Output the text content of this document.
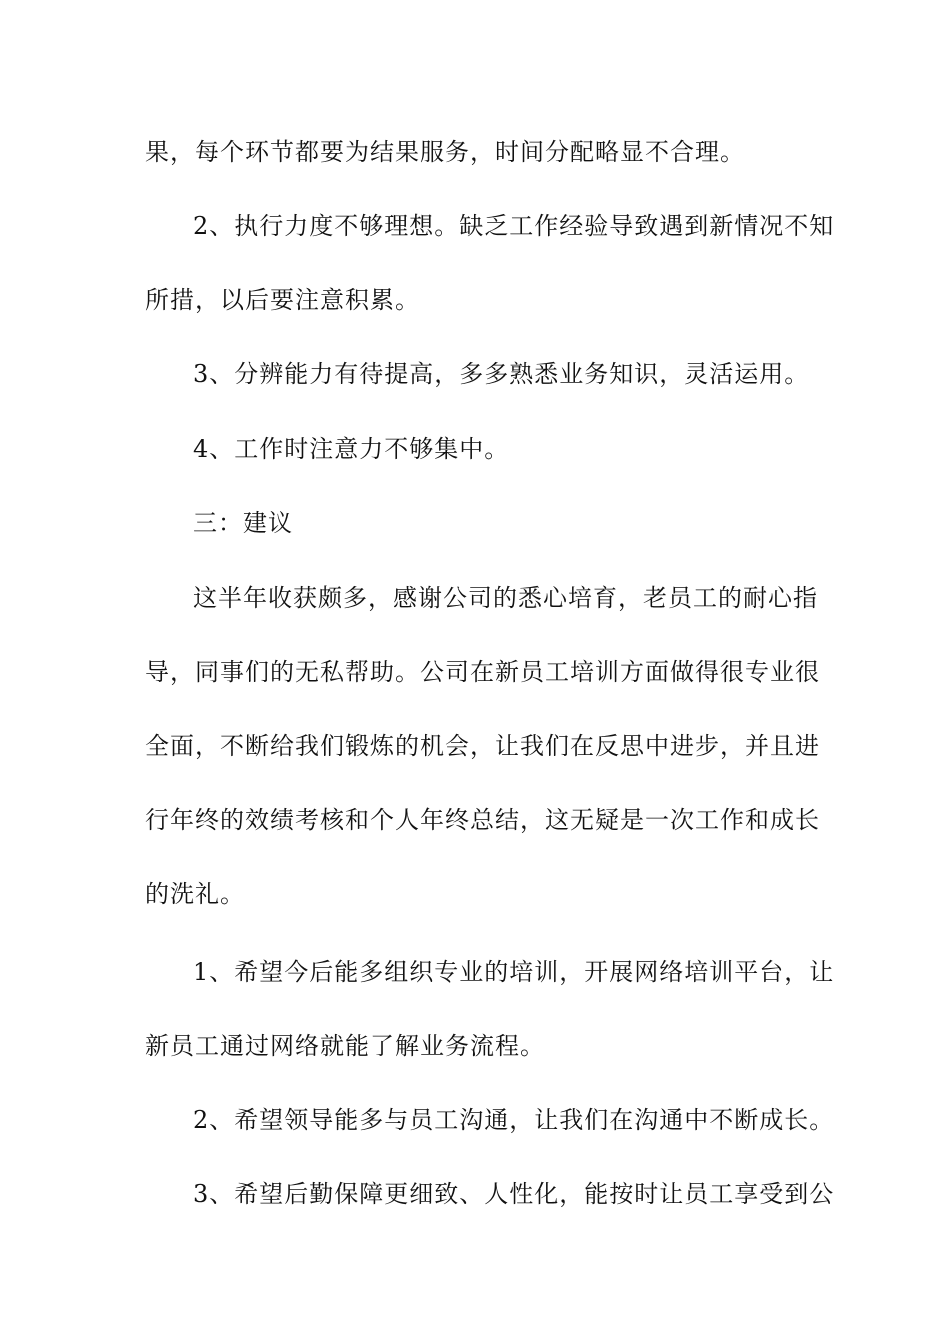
果，每个环节都要为结果服务，时间分配略显不合理。
2、执行力度不够理想。缺乏工作经验导致遇到新情况不知
所措，以后要注意积累。
3、分辨能力有待提高，多多熟悉业务知识，灵活运用。
4、工作时注意力不够集中。
三：建议
这半年收获颇多，感谢公司的悉心培育，老员工的耐心指
导，同事们的无私帮助。公司在新员工培训方面做得很专业很
全面，不断给我们锻炼的机会，让我们在反思中进步，并且进
行年终的效绩考核和个人年终总结，这无疑是一次工作和成长
的洗礼。
1、希望今后能多组织专业的培训，开展网络培训平台，让
新员工通过网络就能了解业务流程。
2、希望领导能多与员工沟通，让我们在沟通中不断成长。
3、希望后勤保障更细致、人性化，能按时让员工享受到公
